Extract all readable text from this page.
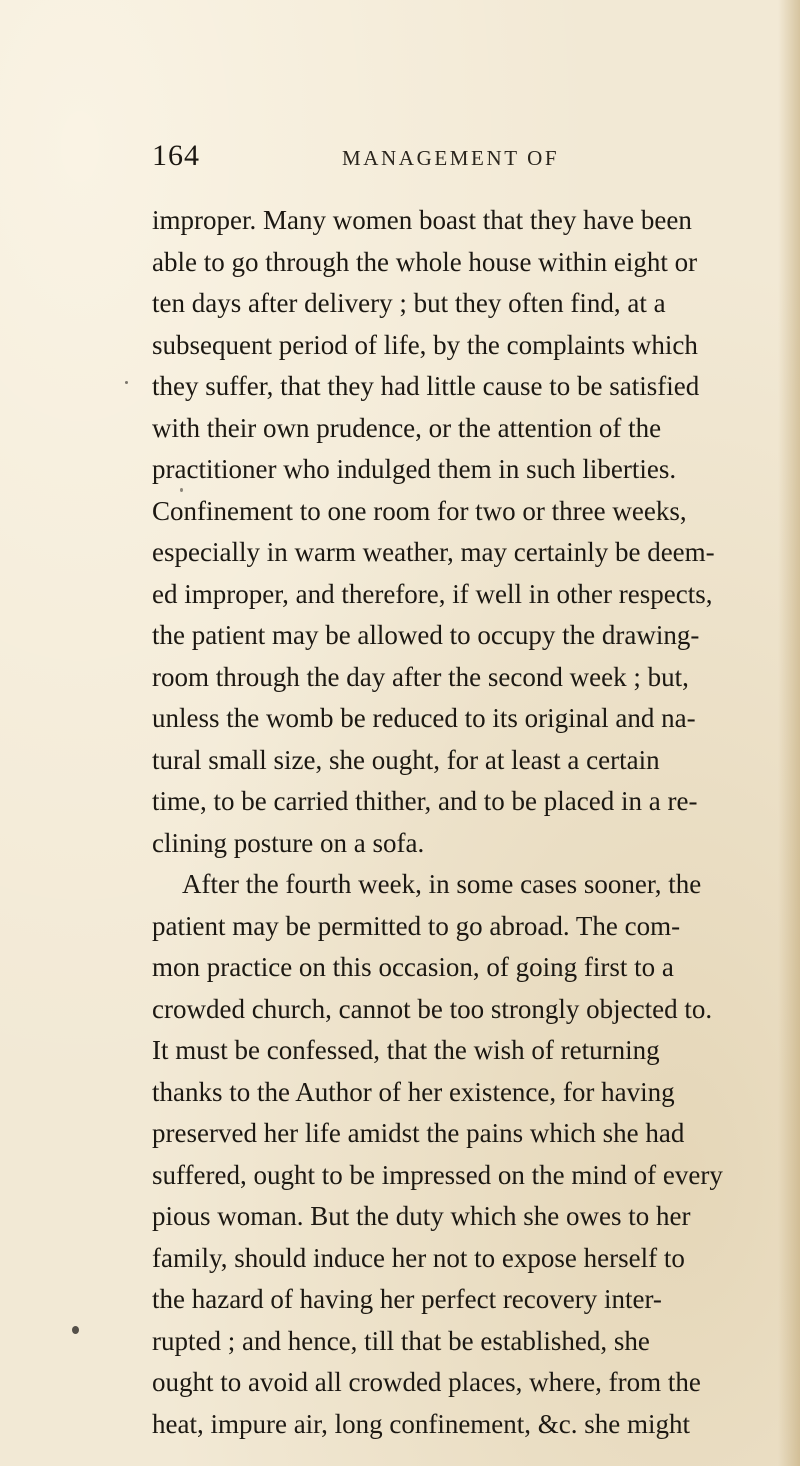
164	MANAGEMENT OF
improper. Many women boast that they have been
able to go through the whole house within eight or
ten days after delivery ; but they often find, at a
subsequent period of life, by the complaints which
they suffer, that they had little cause to be satisfied
with their own prudence, or the attention of the
practitioner who indulged them in such liberties.
Confinement to one room for two or three weeks,
especially in warm weather, may certainly be deem-
ed improper, and therefore, if well in other respects,
the patient may be allowed to occupy the drawing-
room through the day after the second week ; but,
unless the womb be reduced to its original and na-
tural small size, she ought, for at least a certain
time, to be carried thither, and to be placed in a re-
clining posture on a sofa.
After the fourth week, in some cases sooner, the
patient may be permitted to go abroad. The com-
mon practice on this occasion, of going first to a
crowded church, cannot be too strongly objected to.
It must be confessed, that the wish of returning
thanks to the Author of her existence, for having
preserved her life amidst the pains which she had
suffered, ought to be impressed on the mind of every
pious woman. But the duty which she owes to her
family, should induce her not to expose herself to
the hazard of having her perfect recovery inter-
rupted ; and hence, till that be established, she
ought to avoid all crowded places, where, from the
heat, impure air, long confinement, &c. she might
